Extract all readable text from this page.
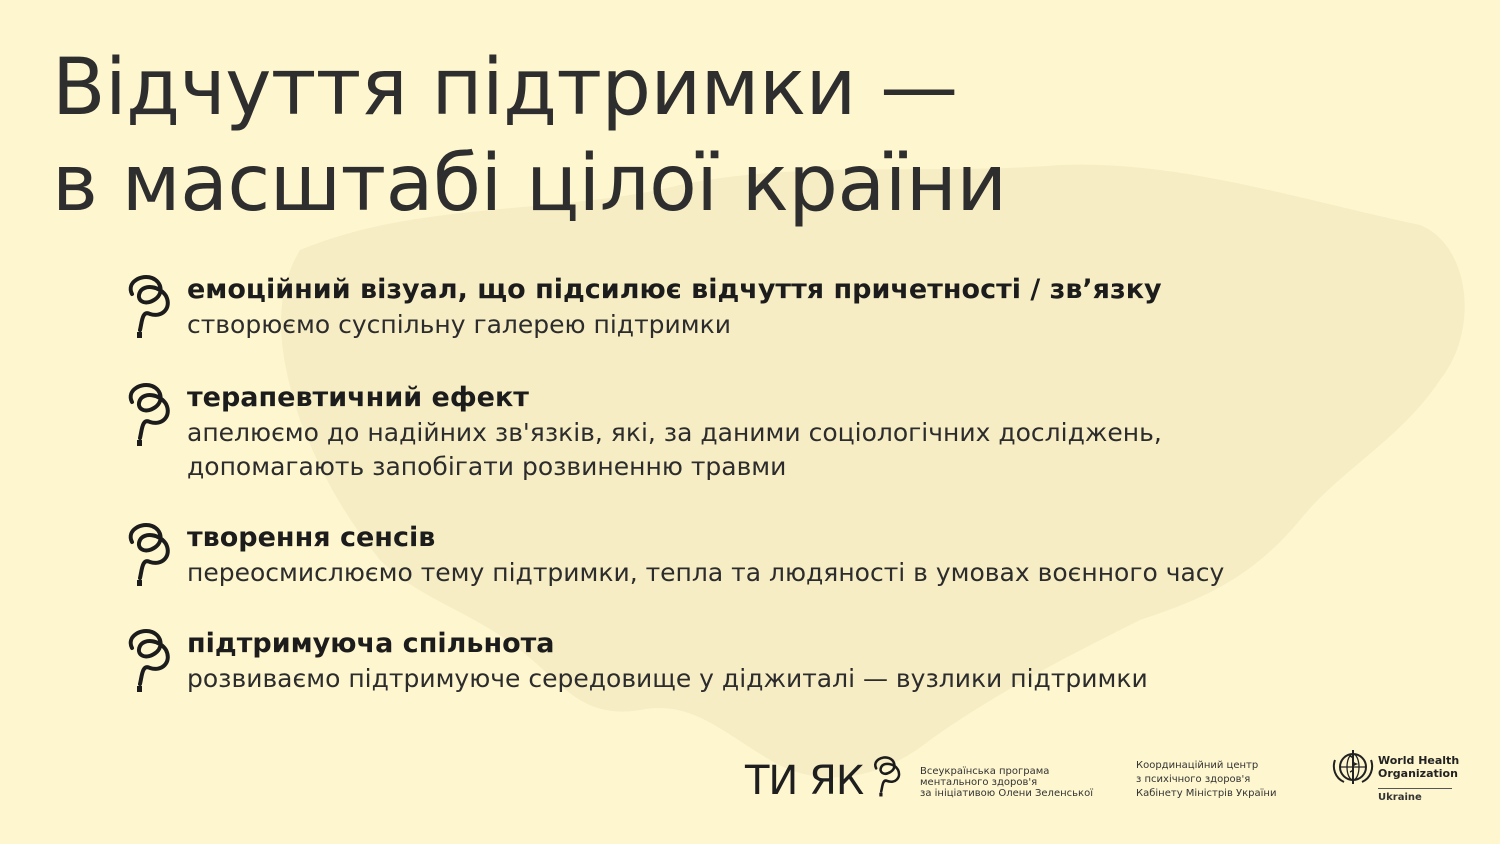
Відчуття підтримки —
в масштабі цілої країни
емоційний візуал, що підсилює відчуття причетності / зв’язку
створюємо суспільну галерею підтримки
терапевтичний ефект
апелюємо до надійних зв'язків, які, за даними соціологічних досліджень,
допомагають запобігати розвиненню травми
творення сенсів
переосмислюємо тему підтримки, тепла та людяності в умовах воєнного часу
підтримуюча спільнота
розвиваємо підтримуюче середовище у діджиталі — вузлики підтримки
ТИ ЯК	Всеукраїнська програма
ментального здоров'я
за ініціативою Олени Зеленської
Координаційний центр
з психічного здоров'я
Кабінету Міністрів України
World Health
Organization
Ukraine
